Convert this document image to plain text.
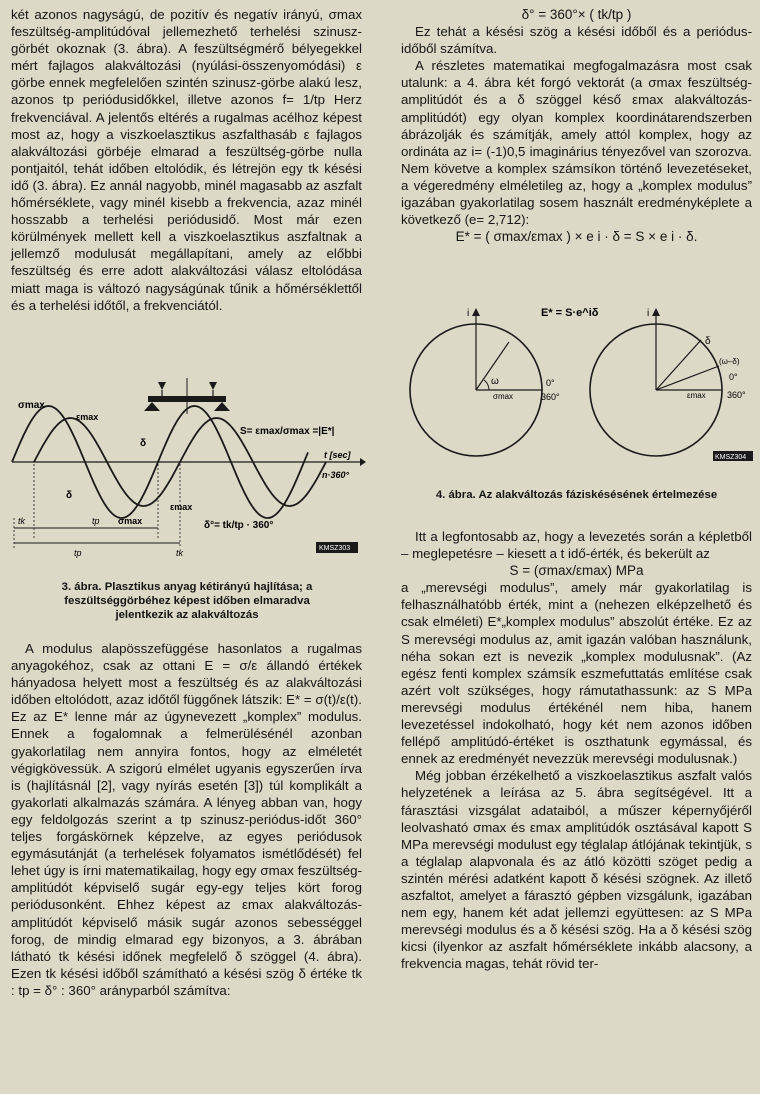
két azonos nagyságú, de pozitív és negatív irányú, σmax feszültség-amplitúdóval jellemezhető terhelési szinusz-görbét okoznak (3. ábra). A feszültségmérő bélyegekkel mért fajlagos alakváltozási (nyúlási-összenyomódási) ε görbe ennek megfelelően szintén szinusz-görbe alakú lesz, azonos tp periódusidőkkel, illetve azonos f= 1/tp Herz frekvenciával. A jelentős eltérés a rugalmas acélhoz képest most az, hogy a viszkoelasztikus aszfalthasáb ε fajlagos alakváltozási görbéje elmarad a feszültség-görbe nulla pontjaitól, tehát időben eltolódik, és létrejön egy tk késési idő (3. ábra). Ez annál nagyobb, minél magasabb az aszfalt hőmérséklete, vagy minél kisebb a frekvencia, azaz minél hosszabb a terhelési periódusidő. Most már ezen körülmények mellett kell a viszkoelasztikus aszfaltnak a jellemző modulusát megállapítani, amely az előbbi feszültség és erre adott alakváltozási válasz eltolódása miatt maga is változó nagyságúnak tűnik a hőmérséklettől és a terhelési időtől, a frekvenciától.

σmax
εmax
δ
δ
S= εmax/σmax =|E*|
t [sec]
n·360°
σmax
εmax
tk	tp
tp	tk
δ°= tk/tp · 360°
KMSZ303
3. ábra. Plasztikus anyag kétirányú hajlítása; a
feszültséggörbéhez képest időben elmaradva
jelentkezik az alakváltozás

A modulus alapösszefüggése hasonlatos a rugalmas anyagokéhoz, csak az ottani E = σ/ε állandó értékek hányadosa helyett most a feszültség és az alakváltozási időben eltolódott, azaz időtől függőnek látszik: E* = σ(t)/ε(t). Ez az E* lenne már az úgynevezett „komplex” modulus. Ennek a fogalomnak a felmerülésénél azonban gyakorlatilag nem annyira fontos, hogy az elméletét végigkövessük. A szigorú elmélet ugyanis egyszerűen írva is (hajlításnál [2], vagy nyírás esetén [3]) túl komplikált a gyakorlati alkalmazás számára. A lényeg abban van, hogy egy feldolgozás szerint a tp szinusz-periódus-időt 360° teljes forgáskörnek képzelve, az egyes periódusok egymásutánját (a terhelések folyamatos ismétlődését) fel lehet úgy is írni matematikailag, hogy egy σmax feszültség-amplitúdót képviselő sugár egy-egy teljes kört forog periódusonként. Ehhez képest az εmax alakváltozás-amplitúdót képviselő másik sugár azonos sebességgel forog, de mindig elmarad egy bizonyos, a 3. ábrában látható tk késési időnek megfelelő δ szöggel (4. ábra). Ezen tk késési időből számítható a késési szög δ értéke tk : tp = δ° : 360° arányparból számítva:

δ° = 360°× ( tk/tp )

Ez tehát a késési szög a késési időből és a periódus-időből számítva.

A részletes matematikai megfogalmazásra most csak utalunk: a 4. ábra két forgó vektorát (a σmax feszültség-amplitúdót és a δ szöggel késő εmax alakváltozás-amplitúdót) egy olyan komplex koordinátarendszerben ábrázolják és számítják, amely attól komplex, hogy az ordináta az i= (-1)0,5 imaginárius tényezővel van szorozva. Nem követve a komplex számsíkon történő levezetéseket, a végeredmény elméletileg az, hogy a „komplex modulus” igazában gyakorlatilag sosem használt eredményképlete a következő (e= 2,712):

E* = ( σmax/εmax ) × e i · δ = S × e i · δ.

E* = S·e^iδ
i
ω
σmax
0°
360°
i
δ
(ω–δ)
εmax
0°
360°
KMSZ304
4. ábra. Az alakváltozás fáziskésésének értelmezése

Itt a legfontosabb az, hogy a levezetés során a képletből – meglepetésre – kiesett a t idő-érték, és bekerült az

S = (σmax/εmax) MPa

a „merevségi modulus”, amely már gyakorlatilag is felhasználhatóbb érték, mint a (nehezen elképzelhető és csak elméleti) E*„komplex modulus” abszolút értéke. Ez az S merevségi modulus az, amit igazán valóban használunk, néha sokan ezt is nevezik „komplex modulusnak”. (Az egész fenti komplex számsík eszmefuttatás említése csak azért volt szükséges, hogy rámutathassunk: az S MPa merevségi modulus értékénél nem hiba, hanem levezetéssel indokolható, hogy két nem azonos időben fellépő amplitúdó-értéket is oszthatunk egymással, és ennek az eredményét nevezzük merevségi modulusnak.)

Még jobban érzékelhető a viszkoelasztikus aszfalt valós helyzetének a leírása az 5. ábra segítségével. Itt a fárasztási vizsgálat adataiból, a műszer képernyőjéről leolvasható σmax és εmax amplitúdók osztásával kapott S MPa merevségi modulust egy téglalap átlójának tekintjük, s a téglalap alapvonala és az átló közötti szöget pedig a szintén mérési adatként kapott δ késési szögnek. Az illető aszfaltot, amelyet a fárasztó gépben vizsgálunk, igazában nem egy, hanem két adat jellemzi együttesen: az S MPa merevségi modulus és a δ késési szög. Ha a δ késési szög kicsi (ilyenkor az aszfalt hőmérséklete inkább alacsony, a frekvencia magas, tehát rövid ter-
